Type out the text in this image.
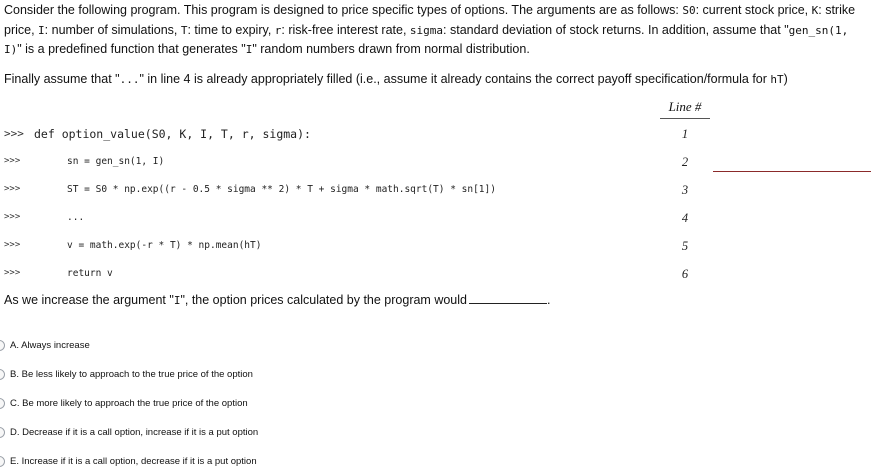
Consider the following program. This program is designed to price specific types of options. The arguments are as follows: S0: current stock price, K: strike price, I: number of simulations, T: time to expiry, r: risk-free interest rate, sigma: standard deviation of stock returns. In addition, assume that "gen_sn(1, I)" is a predefined function that generates "I" random numbers drawn from normal distribution.
Finally assume that "..." in line 4 is already appropriately filled (i.e., assume it already contains the correct payoff specification/formula for hT)
Line #
>>> def option_value(S0, K, I, T, r, sigma):	1
>>>	sn = gen_sn(1, I)	2
>>>	ST = S0 * np.exp((r - 0.5 * sigma ** 2) * T + sigma * math.sqrt(T) * sn[1])	3
>>>	...	4
>>>	v = math.exp(-r * T) * np.mean(hT)	5
>>>	return v	6
As we increase the argument "I", the option prices calculated by the program would	.
A. Always increase
B. Be less likely to approach to the true price of the option
C. Be more likely to approach the true price of the option
D. Decrease if it is a call option, increase if it is a put option
E. Increase if it is a call option, decrease if it is a put option
